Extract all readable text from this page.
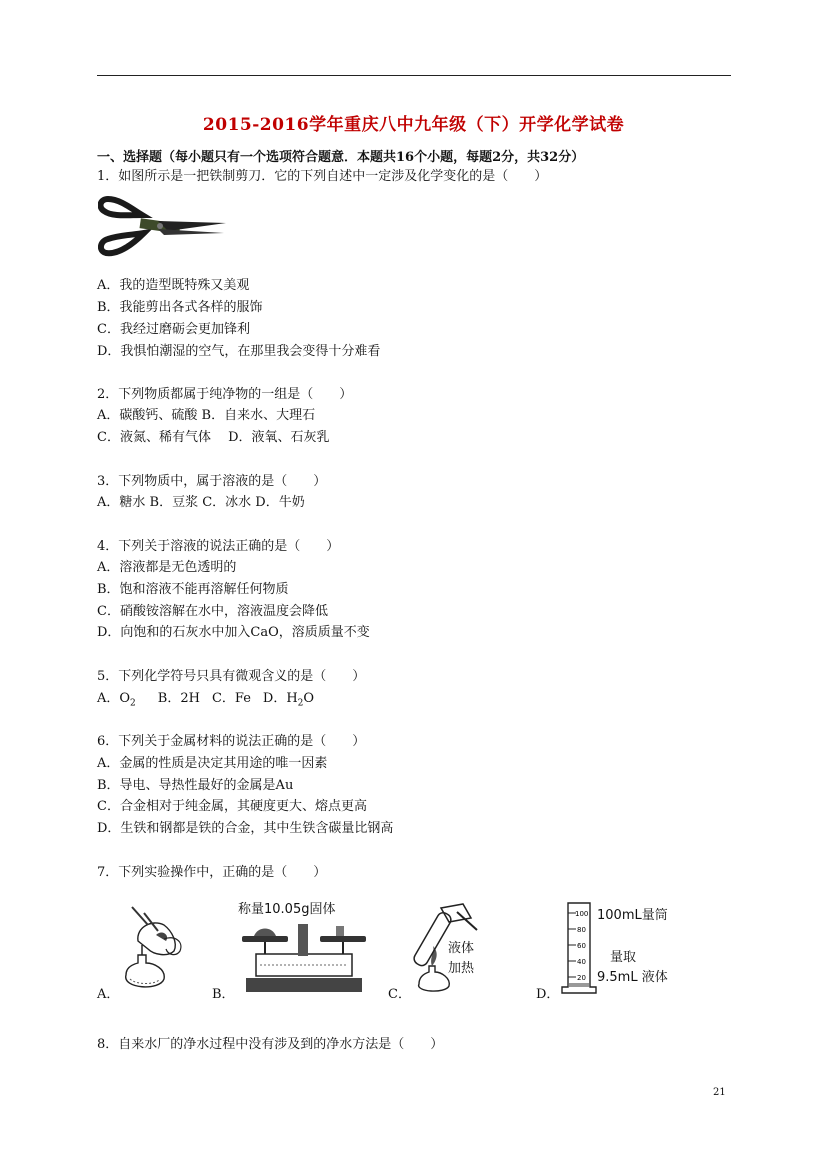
2015-2016学年重庆八中九年级（下）开学化学试卷
一、选择题（每小题只有一个选项符合题意．本题共16个小题，每题2分，共32分）
1．如图所示是一把铁制剪刀．它的下列自述中一定涉及化学变化的是（　　）
A．我的造型既特殊又美观
B．我能剪出各式各样的服饰
C．我经过磨砺会更加锋利
D．我惧怕潮湿的空气，在那里我会变得十分难看
2．下列物质都属于纯净物的一组是（　　）
A．碳酸钙、硫酸 B．自来水、大理石
C．液氮、稀有气体　 D．液氧、石灰乳
3．下列物质中，属于溶液的是（　　）
A．糖水 B．豆浆 C．冰水 D．牛奶
4．下列关于溶液的说法正确的是（　　）
A．溶液都是无色透明的
B．饱和溶液不能再溶解任何物质
C．硝酸铵溶解在水中，溶液温度会降低
D．向饱和的石灰水中加入CaO，溶质质量不变
5．下列化学符号只具有微观含义的是（　　）
A．$O_2$ B．2H C．Fe D．$H_2O$
6．下列关于金属材料的说法正确的是（　　）
A．金属的性质是决定其用途的唯一因素
B．导电、导热性最好的金属是Au
C．合金相对于纯金属，其硬度更大、熔点更高
D．生铁和钢都是铁的合金，其中生铁含碳量比钢高
7．下列实验操作中，正确的是（　　）
A．	B．
称量10.05g固体
C．
液体
加热
D．
100
80
60
40
20
100mL量筒
量取
9.5mL 液体
8．自来水厂的净水过程中没有涉及到的净水方法是（　　）
21
